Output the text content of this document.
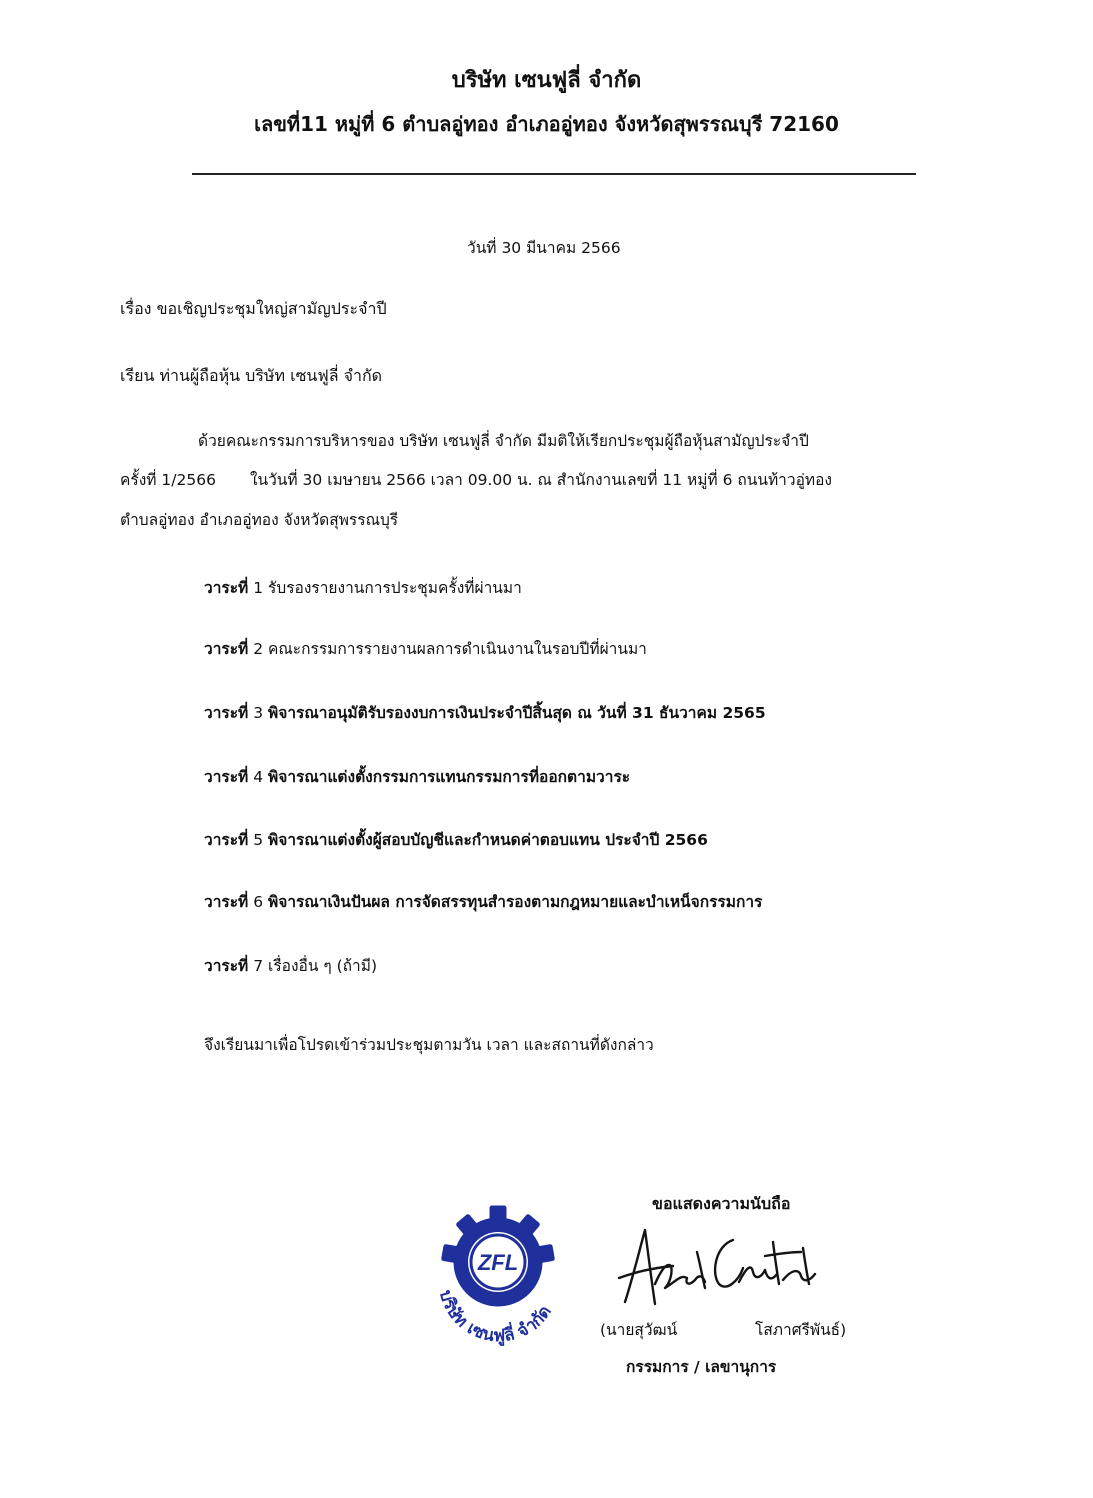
บริษัท เซนฟูลี่ จำกัด
เลขที่11 หมู่ที่ 6 ตำบลอู่ทอง อำเภออู่ทอง จังหวัดสุพรรณบุรี 72160
วันที่ 30 มีนาคม 2566
เรื่อง ขอเชิญประชุมใหญ่สามัญประจำปี
เรียน ท่านผู้ถือหุ้น บริษัท เซนฟูลี่ จำกัด
ด้วยคณะกรรมการบริหารของ บริษัท เซนฟูลี่ จำกัด มีมติให้เรียกประชุมผู้ถือหุ้นสามัญประจำปี
ครั้งที่ 1/2566 ในวันที่ 30 เมษายน 2566 เวลา 09.00 น. ณ สำนักงานเลขที่ 11 หมู่ที่ 6 ถนนท้าวอู่ทอง
ตำบลอู่ทอง อำเภออู่ทอง จังหวัดสุพรรณบุรี
วาระที่ 1 รับรองรายงานการประชุมครั้งที่ผ่านมา
วาระที่ 2 คณะกรรมการรายงานผลการดำเนินงานในรอบปีที่ผ่านมา
วาระที่ 3 พิจารณาอนุมัติรับรองงบการเงินประจำปีสิ้นสุด ณ วันที่ 31 ธันวาคม 2565
วาระที่ 4 พิจารณาแต่งตั้งกรรมการแทนกรรมการที่ออกตามวาระ
วาระที่ 5 พิจารณาแต่งตั้งผู้สอบบัญชีและกำหนดค่าตอบแทน ประจำปี 2566
วาระที่ 6 พิจารณาเงินปันผล การจัดสรรทุนสำรองตามกฎหมายและบำเหน็จกรรมการ
วาระที่ 7 เรื่องอื่น ๆ (ถ้ามี)
จึงเรียนมาเพื่อโปรดเข้าร่วมประชุมตามวัน เวลา และสถานที่ดังกล่าว
ขอแสดงความนับถือ
ZFL
บริษัท เซนฟูลี่ จำกัด
(นายสุวัฒน์	โสภาศรีพันธ์)
กรรมการ / เลขานุการ
